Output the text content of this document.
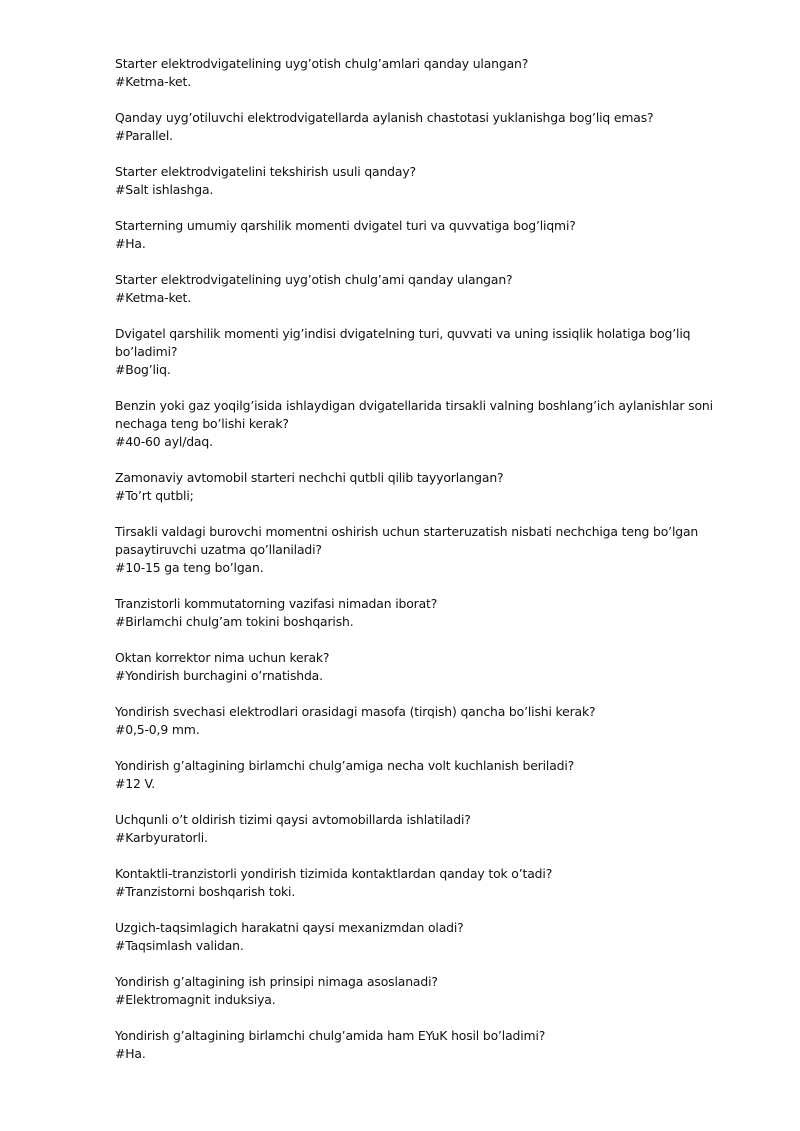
Starter elektrodvigatelining uyg’otish chulg’amlari qanday ulangan?
#Ketma-ket.
Qanday uyg’otiluvchi elektrodvigatellarda aylanish chastotasi yuklanishga bog’liq emas?
#Parallel.
Starter elektrodvigatelini tekshirish usuli qanday?
#Salt ishlashga.
Starterning umumiy qarshilik momenti dvigatel turi va quvvatiga bog’liqmi?
#Ha.
Starter elektrodvigatelining uyg’otish chulg’ami qanday ulangan?
#Ketma-ket.
Dvigatel qarshilik momenti yig’indisi dvigatelning turi, quvvati va uning issiqlik holatiga bog’liq bo’ladimi?
#Bog’liq.
Benzin yoki gaz yoqilg’isida ishlaydigan dvigatellarida tirsakli valning boshlang’ich aylanishlar soni nechaga teng bo’lishi kerak?
#40-60 ayl/daq.
Zamonaviy avtomobil starteri nechchi qutbli qilib tayyorlangan?
#To’rt qutbli;
Tirsakli valdagi burovchi momentni oshirish uchun starteruzatish nisbati nechchiga teng bo’lgan pasaytiruvchi uzatma qo’llaniladi?
#10-15 ga teng bo’lgan.
Tranzistorli kommutatorning vazifasi nimadan iborat?
#Birlamchi chulg’am tokini boshqarish.
Oktan korrektor nima uchun kerak?
#Yondirish burchagini o’rnatishda.
Yondirish svechasi elektrodlari orasidagi masofa (tirqish) qancha bo’lishi kerak?
#0,5-0,9 mm.
Yondirish g’altagining birlamchi chulg’amiga necha volt kuchlanish beriladi?
#12 V.
Uchqunli o’t oldirish tizimi qaysi avtomobillarda ishlatiladi?
#Karbyuratorli.
Kontaktli-tranzistorli yondirish tizimida kontaktlardan qanday tok o’tadi?
#Tranzistorni boshqarish toki.
Uzgich-taqsimlagich harakatni qaysi mexanizmdan oladi?
#Taqsimlash validan.
Yondirish g’altagining ish prinsipi nimaga asoslanadi?
#Elektromagnit induksiya.
Yondirish g’altagining birlamchi chulg’amida ham EYuK hosil bo’ladimi?
#Ha.
